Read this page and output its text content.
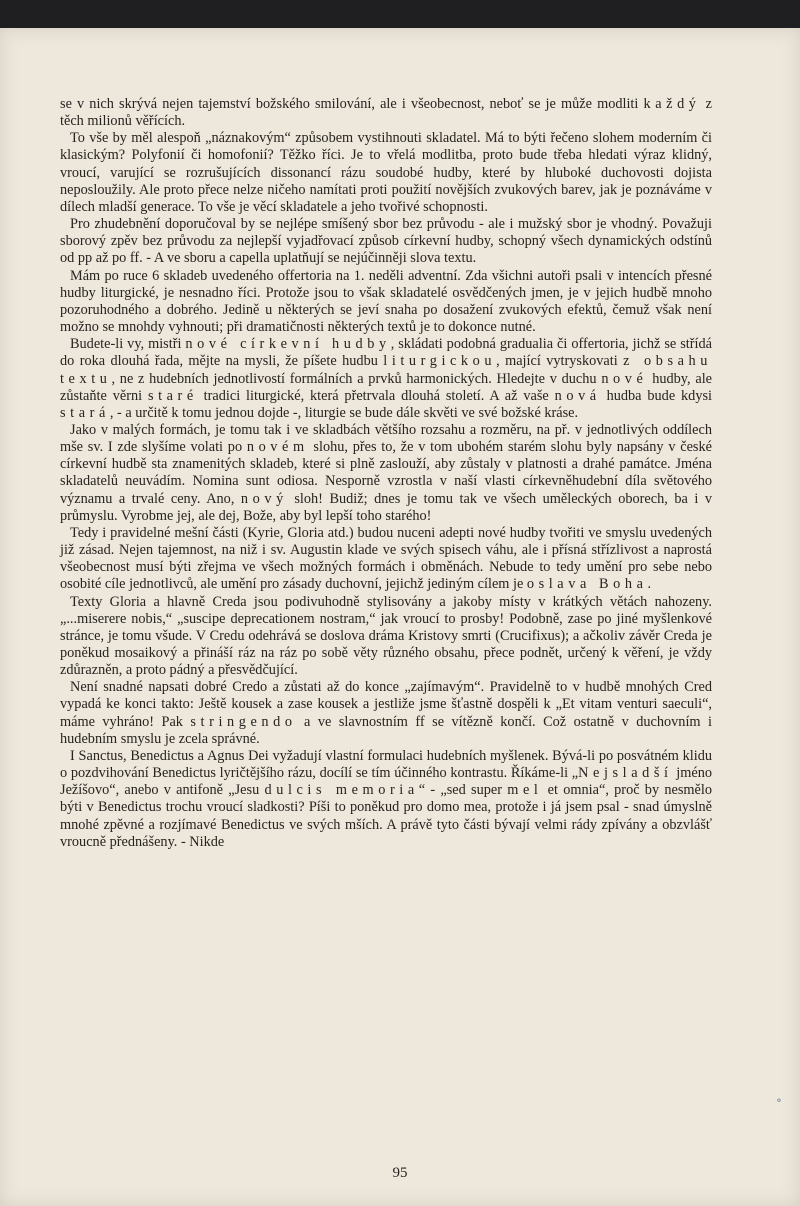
se v nich skrývá nejen tajemství božského smilování, ale i všeobecnost, neboť se je může modliti každý z těch milionů věřících.

To vše by měl alespoň „náznakovým“ způsobem vystihnouti skladatel. Má to býti řečeno slohem moderním či klasickým? Polyfonií či homofonií? Těžko říci. Je to vřelá modlitba, proto bude třeba hledati výraz klidný, vroucí, varující se rozrušujících dissonancí rázu soudobé hudby, které by hluboké duchovosti dojista neposloužily. Ale proto přece nelze ničeho namítati proti použití novějších zvukových barev, jak je poznáváme v dílech mladší generace. To vše je věcí skladatele a jeho tvořivé schopnosti.

Pro zhudebnění doporučoval by se nejlépe smíšený sbor bez průvodu - ale i mužský sbor je vhodný. Považuji sborový zpěv bez průvodu za nejlepší vyjadřovací způsob církevní hudby, schopný všech dynamických odstínů od pp až po ff. - A ve sboru a capella uplatňují se nejúčinněji slova textu.

Mám po ruce 6 skladeb uvedeného offertoria na 1. neděli adventní. Zda všichni autoři psali v intencích přesné hudby liturgické, je nesnadno říci. Protože jsou to však skladatelé osvědčených jmen, je v jejich hudbě mnoho pozoruhodného a dobrého. Jedině u některých se jeví snaha po dosažení zvukových efektů, čemuž však není možno se mnohdy vyhnouti; při dramatičnosti některých textů je to dokonce nutné.

Budete-li vy, mistři nové církevní hudby, skládati podobná gradualia či offertoria, jichž se střídá do roka dlouhá řada, mějte na mysli, že píšete hudbu liturgickou, mající vytryskovati z obsahu textu, ne z hudebních jednotlivostí formálních a prvků harmonických. Hledejte v duchu nové hudby, ale zůstaňte věrni staré tradici liturgické, která přetrvala dlouhá století. A až vaše nová hudba bude kdysi stará, - a určitě k tomu jednou dojde -, liturgie se bude dále skvěti ve své božské kráse.

Jako v malých formách, je tomu tak i ve skladbách většího rozsahu a rozměru, na př. v jednotlivých oddílech mše sv. I zde slyšíme volati po novém slohu, přes to, že v tom ubohém starém slohu byly napsány v české církevní hudbě sta znamenitých skladeb, které si plně zaslouží, aby zůstaly v platnosti a drahé památce. Jména skladatelů neuvádím. Nomina sunt odiosa. Nesporně vzrostla v naší vlasti církevněhudební díla světového významu a trvalé ceny. Ano, nový sloh! Budiž; dnes je tomu tak ve všech uměleckých oborech, ba i v průmyslu. Vyrobme jej, ale dej, Bože, aby byl lepší toho starého!

Tedy i pravidelné mešní části (Kyrie, Gloria atd.) budou nuceni adepti nové hudby tvořiti ve smyslu uvedených již zásad. Nejen tajemnost, na niž i sv. Augustin klade ve svých spisech váhu, ale i přísná střízlivost a naprostá všeobecnost musí býti zřejma ve všech možných formách i obměnách. Nebude to tedy umění pro sebe nebo osobité cíle jednotlivců, ale umění pro zásady duchovní, jejichž jediným cílem je oslava Boha.

Texty Gloria a hlavně Creda jsou podivuhodně stylisovány a jakoby místy v krátkých větách nahozeny. „...miserere nobis,“ „suscipe deprecationem nostram,“ jak vroucí to prosby! Podobně, zase po jiné myšlenkové stránce, je tomu všude. V Credu odehrává se doslova dráma Kristovy smrti (Crucifixus); a ačkoliv závěr Creda je poněkud mosaikový a přináší ráz na ráz po sobě věty různého obsahu, přece podnět, určený k věření, je vždy zdůrazněn, a proto pádný a přesvědčující.

Není snadné napsati dobré Credo a zůstati až do konce „zajímavým“. Pravidelně to v hudbě mnohých Cred vypadá ke konci takto: Ještě kousek a zase kousek a jestliže jsme šťastně dospěli k „Et vitam venturi saeculi“, máme vyhráno! Pak stringendo a ve slavnostním ff se vítězně končí. Což ostatně v duchovním i hudebním smyslu je zcela správné.

I Sanctus, Benedictus a Agnus Dei vyžadují vlastní formulaci hudebních myšlenek. Bývá-li po posvátném klidu o pozdvihování Benedictus lyričtějšího rázu, docílí se tím účinného kontrastu. Říkáme-li „Nejsladší jméno Ježíšovo“, anebo v antifoně „Jesu dulcis memoria“ - „sed super mel et omnia“, proč by nesmělo býti v Benedictus trochu vroucí sladkosti? Píši to poněkud pro domo mea, protože i já jsem psal - snad úmyslně mnohé zpěvné a rozjímavé Benedictus ve svých mších. A právě tyto části bývají velmi rády zpívány a obzvlášť vroucně přednášeny. - Nikde

95
∘
